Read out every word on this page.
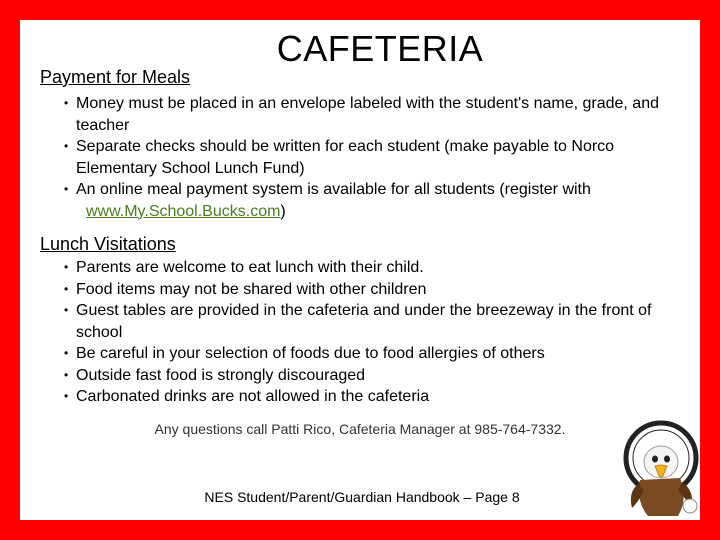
CAFETERIA
Payment for Meals
• Money must be placed in an envelope labeled with the student's name, grade, and teacher
• Separate checks should be written for each student (make payable to Norco Elementary School Lunch Fund)
• An online meal payment system is available for all students (register with
www.My.School.Bucks.com)
Lunch Visitations
• Parents are welcome to eat lunch with their child.
• Food items may not be shared with other children
• Guest tables are provided in the cafeteria and under the breezeway in the front of school
• Be careful in your selection of foods due to food allergies of others
• Outside fast food is strongly discouraged
• Carbonated drinks are not allowed in the cafeteria
Any questions call Patti Rico, Cafeteria Manager at 985-764-7332.
NES Student/Parent/Guardian Handbook – Page 8
